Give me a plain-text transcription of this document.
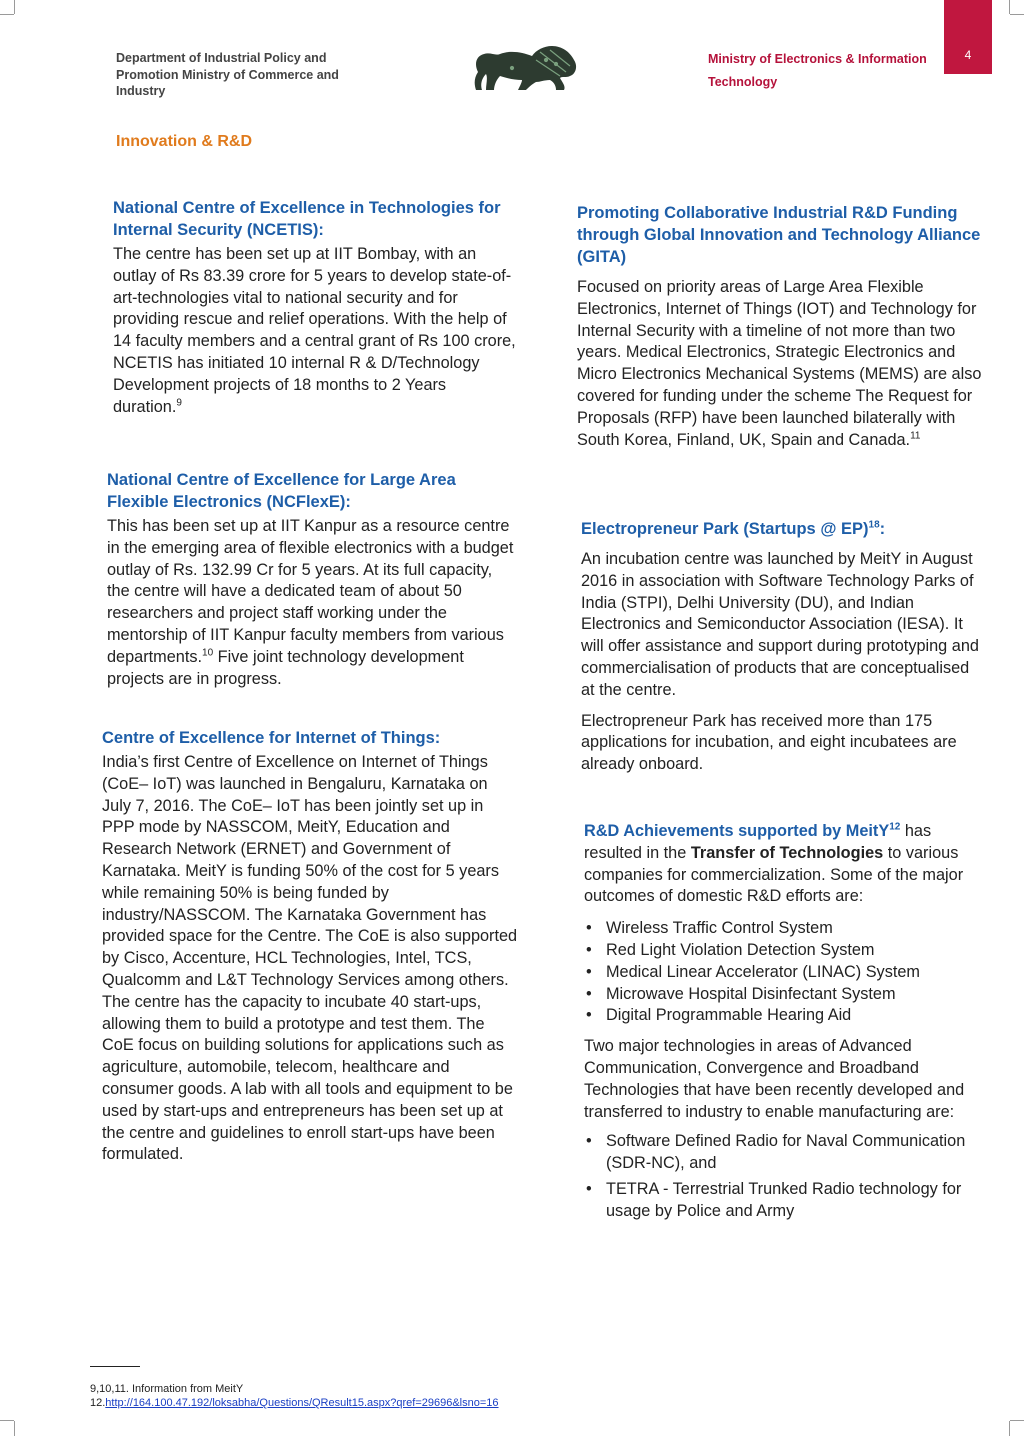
Department of Industrial Policy and Promotion Ministry of Commerce and Industry
Ministry of Electronics & Information Technology
4
Innovation & R&D
National Centre of Excellence in Technologies for Internal Security (NCETIS):

The centre has been set up at IIT Bombay, with an outlay of Rs 83.39 crore for 5 years to develop state-of-art-technologies vital to national security and for providing rescue and relief operations. With the help of 14 faculty members and a central grant of Rs 100 crore, NCETIS has initiated 10 internal R & D/Technology Development projects of 18 months to 2 Years duration.$^9$

National Centre of Excellence for Large Area Flexible Electronics (NCFlexE):

This has been set up at IIT Kanpur as a resource centre in the emerging area of flexible electronics with a budget outlay of Rs. 132.99 Cr for 5 years. At its full capacity, the centre will have a dedicated team of about 50 researchers and project staff working under the mentorship of IIT Kanpur faculty members from various departments.$^{10}$ Five joint technology development projects are in progress.

Centre of Excellence for Internet of Things:

India’s first Centre of Excellence on Internet of Things (CoE– IoT) was launched in Bengaluru, Karnataka on July 7, 2016. The CoE– IoT has been jointly set up in PPP mode by NASSCOM, MeitY, Education and Research Network (ERNET) and Government of Karnataka. MeitY is funding 50% of the cost for 5 years while remaining 50% is being funded by industry/NASSCOM. The Karnataka Government has provided space for the Centre. The CoE is also supported by Cisco, Accenture, HCL Technologies, Intel, TCS, Qualcomm and L&T Technology Services among others. The centre has the capacity to incubate 40 start-ups, allowing them to build a prototype and test them. The CoE focus on building solutions for applications such as agriculture, automobile, telecom, healthcare and consumer goods. A lab with all tools and equipment to be used by start-ups and entrepreneurs has been set up at the centre and guidelines to enroll start-ups have been formulated.

Promoting Collaborative Industrial R&D Funding through Global Innovation and Technology Alliance (GITA)

Focused on priority areas of Large Area Flexible Electronics, Internet of Things (IOT) and Technology for Internal Security with a timeline of not more than two years. Medical Electronics, Strategic Electronics and Micro Electronics Mechanical Systems (MEMS) are also covered for funding under the scheme The Request for Proposals (RFP) have been launched bilaterally with South Korea, Finland, UK, Spain and Canada.$^{11}$

Electropreneur Park (Startups @ EP)$^{18}$:

An incubation centre was launched by MeitY in August 2016 in association with Software Technology Parks of India (STPI), Delhi University (DU), and Indian Electronics and Semiconductor Association (IESA). It will offer assistance and support during prototyping and commercialisation of products that are conceptualised at the centre.

Electropreneur Park has received more than 175 applications for incubation, and eight incubatees are already onboard.

R&D Achievements supported by MeitY$^{12}$ has resulted in the Transfer of Technologies to various companies for commercialization. Some of the major outcomes of domestic R&D efforts are:

• Wireless Traffic Control System
• Red Light Violation Detection System
• Medical Linear Accelerator (LINAC) System
• Microwave Hospital Disinfectant System
• Digital Programmable Hearing Aid

Two major technologies in areas of Advanced Communication, Convergence and Broadband Technologies that have been recently developed and transferred to industry to enable manufacturing are:

• Software Defined Radio for Naval Communication (SDR-NC), and
• TETRA - Terrestrial Trunked Radio technology for usage by Police and Army
9,10,11. Information from MeitY
12.http://164.100.47.192/loksabha/Questions/QResult15.aspx?qref=29696&lsno=16
